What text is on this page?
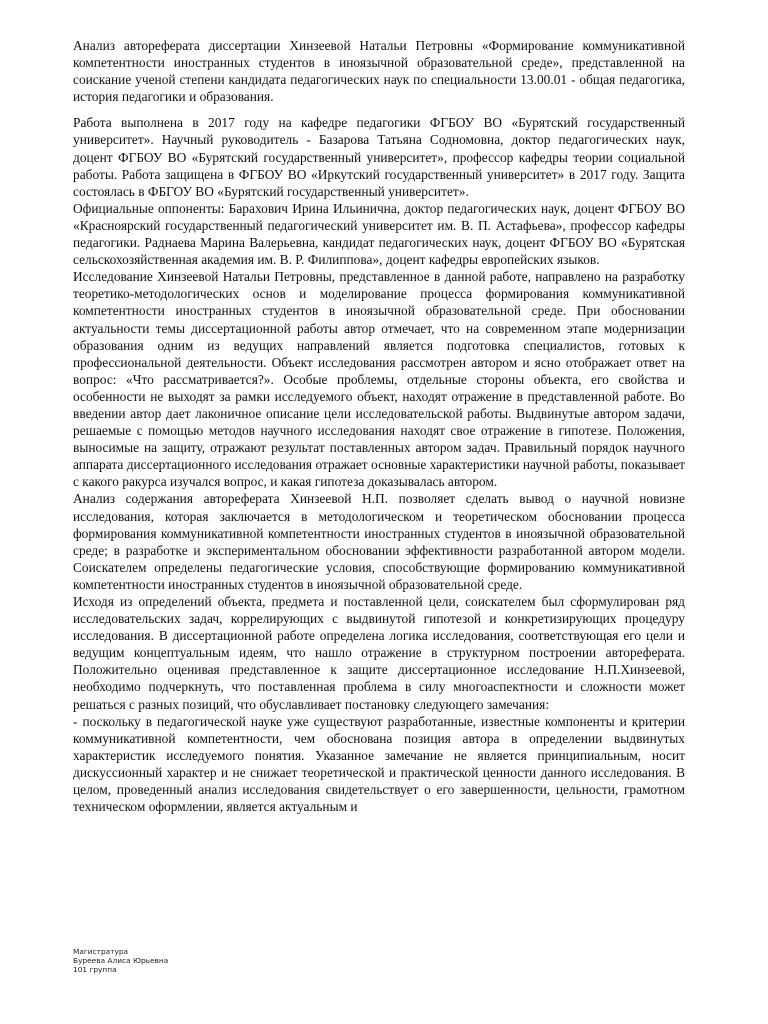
Анализ автореферата диссертации Хинзеевой Натальи Петровны «Формирование коммуникативной компетентности иностранных студентов в иноязычной образовательной среде», представленной на соискание ученой степени кандидата педагогических наук по специальности 13.00.01 - общая педагогика, история педагогики и образования.

Работа выполнена в 2017 году на кафедре педагогики ФГБОУ ВО «Бурятский государственный университет». Научный руководитель - Базарова Татьяна Содномовна, доктор педагогических наук, доцент ФГБОУ ВО «Бурятский государственный университет», профессор кафедры теории социальной работы. Работа защищена в ФГБОУ ВО «Иркутский государственный университет» в 2017 году. Защита состоялась в ФБГОУ ВО «Бурятский государственный университет».

Официальные оппоненты: Барахович Ирина Ильинична, доктор педагогических наук, доцент ФГБОУ ВО «Красноярский государственный педагогический университет им. В. П. Астафьева», профессор кафедры педагогики. Раднаева Марина Валерьевна, кандидат педагогических наук, доцент ФГБОУ ВО «Бурятская сельскохозяйственная академия им. В. Р. Филиппова», доцент кафедры европейских языков.

Исследование Хинзеевой Натальи Петровны, представленное в данной работе, направлено на разработку теоретико-методологических основ и моделирование процесса формирования коммуникативной компетентности иностранных студентов в иноязычной образовательной среде. При обосновании актуальности темы диссертационной работы автор отмечает, что на современном этапе модернизации образования одним из ведущих направлений является подготовка специалистов, готовых к профессиональной деятельности. Объект исследования рассмотрен автором и ясно отображает ответ на вопрос: «Что рассматривается?». Особые проблемы, отдельные стороны объекта, его свойства и особенности не выходят за рамки исследуемого объект, находят отражение в представленной работе. Во введении автор дает лаконичное описание цели исследовательской работы. Выдвинутые автором задачи, решаемые с помощью методов научного исследования находят свое отражение в гипотезе. Положения, выносимые на защиту, отражают результат поставленных автором задач. Правильный порядок научного аппарата диссертационного исследования отражает основные характеристики научной работы, показывает с какого ракурса изучался вопрос, и какая гипотеза доказывалась автором.

Анализ содержания автореферата Хинзеевой Н.П. позволяет сделать вывод о научной новизне исследования, которая заключается в методологическом и теоретическом обосновании процесса формирования коммуникативной компетентности иностранных студентов в иноязычной образовательной среде; в разработке и экспериментальном обосновании эффективности разработанной автором модели. Соискателем определены педагогические условия, способствующие формированию коммуникативной компетентности иностранных студентов в иноязычной образовательной среде.

Исходя из определений объекта, предмета и поставленной цели, соискателем был сформулирован ряд исследовательских задач, коррелирующих с выдвинутой гипотезой и конкретизирующих процедуру исследования. В диссертационной работе определена логика исследования, соответствующая его цели и ведущим концептуальным идеям, что нашло отражение в структурном построении автореферата. Положительно оценивая представленное к защите диссертационное исследование Н.П.Хинзеевой, необходимо подчеркнуть, что поставленная проблема в силу многоаспектности и сложности может решаться с разных позиций, что обуславливает постановку следующего замечания:

- поскольку в педагогической науке уже существуют разработанные, известные компоненты и критерии коммуникативной компетентности, чем обоснована позиция автора в определении выдвинутых характеристик исследуемого понятия. Указанное замечание не является принципиальным, носит дискуссионный характер и не снижает теоретической и практической ценности данного исследования. В целом, проведенный анализ исследования свидетельствует о его завершенности, цельности, грамотном техническом оформлении, является актуальным и

Магистратура
Буреева Алиса Юрьевна
101 группа
